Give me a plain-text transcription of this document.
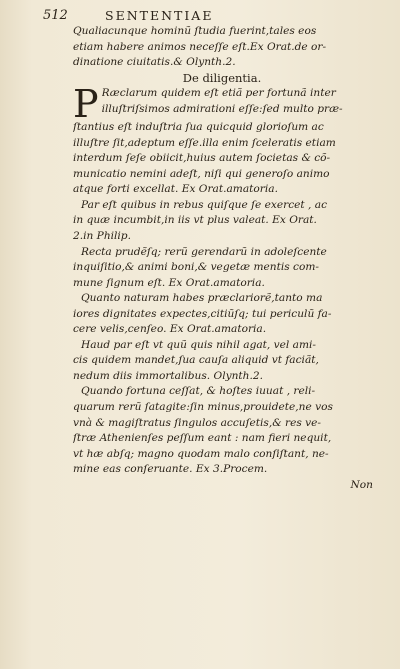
512	SENTENTIAE
Qualiacunque hominũ ſtudia fuerint,tales eos
etiam habere animos neceſſe eſt.Ex Orat.de or-
dinatione ciuitatis.& Olynth.2.
De diligentia.
P Ræclarum quidem eſt etiã per fortunã inter
illuſtriſsimos admirationi eſſe:ſed multo præ-
ſtantius eſt induſtria ſua quicquid glorioſum ac
illuſtre ſit,adeptum eſſe.illa enim ſceleratis etiam
interdum ſeſe obiicit,huius autem ſocietas & cõ-
municatio nemini adeſt, niſi qui generoſo animo
atque forti excellat. Ex Orat.amatoria.
Par eſt quibus in rebus quiſque ſe exercet , ac
in quæ incumbit,in iis vt plus valeat. Ex Orat.
2.in Philip.
Recta prudẽſq; rerũ gerendarũ in adoleſcente
inquiſitio,& animi boni,& vegetæ mentis com-
mune ſignum eſt. Ex Orat.amatoria.
Quanto naturam habes præclariorẽ,tanto ma
iores dignitates expectes,citiũſq; tui periculũ fa-
cere velis,cenſeo. Ex Orat.amatoria.
Haud par eſt vt quũ quis nihil agat, vel ami-
cis quidem mandet,ſua cauſa aliquid vt faciãt,
nedum diis immortalibus. Olynth.2.
Quando fortuna ceſſat, & hoſtes iuuat , reli-
quarum rerũ ſatagite:ſin minus,prouidete,ne vos
vnà & magiſtratus ſingulos accuſetis,& res ve-
ſtræ Athenienſes peſſum eant : nam fieri nequit,
vt hæ abſq; magno quodam malo conſiſtant, ne-
mine eas conſeruante. Ex 3.Procem.
Non
